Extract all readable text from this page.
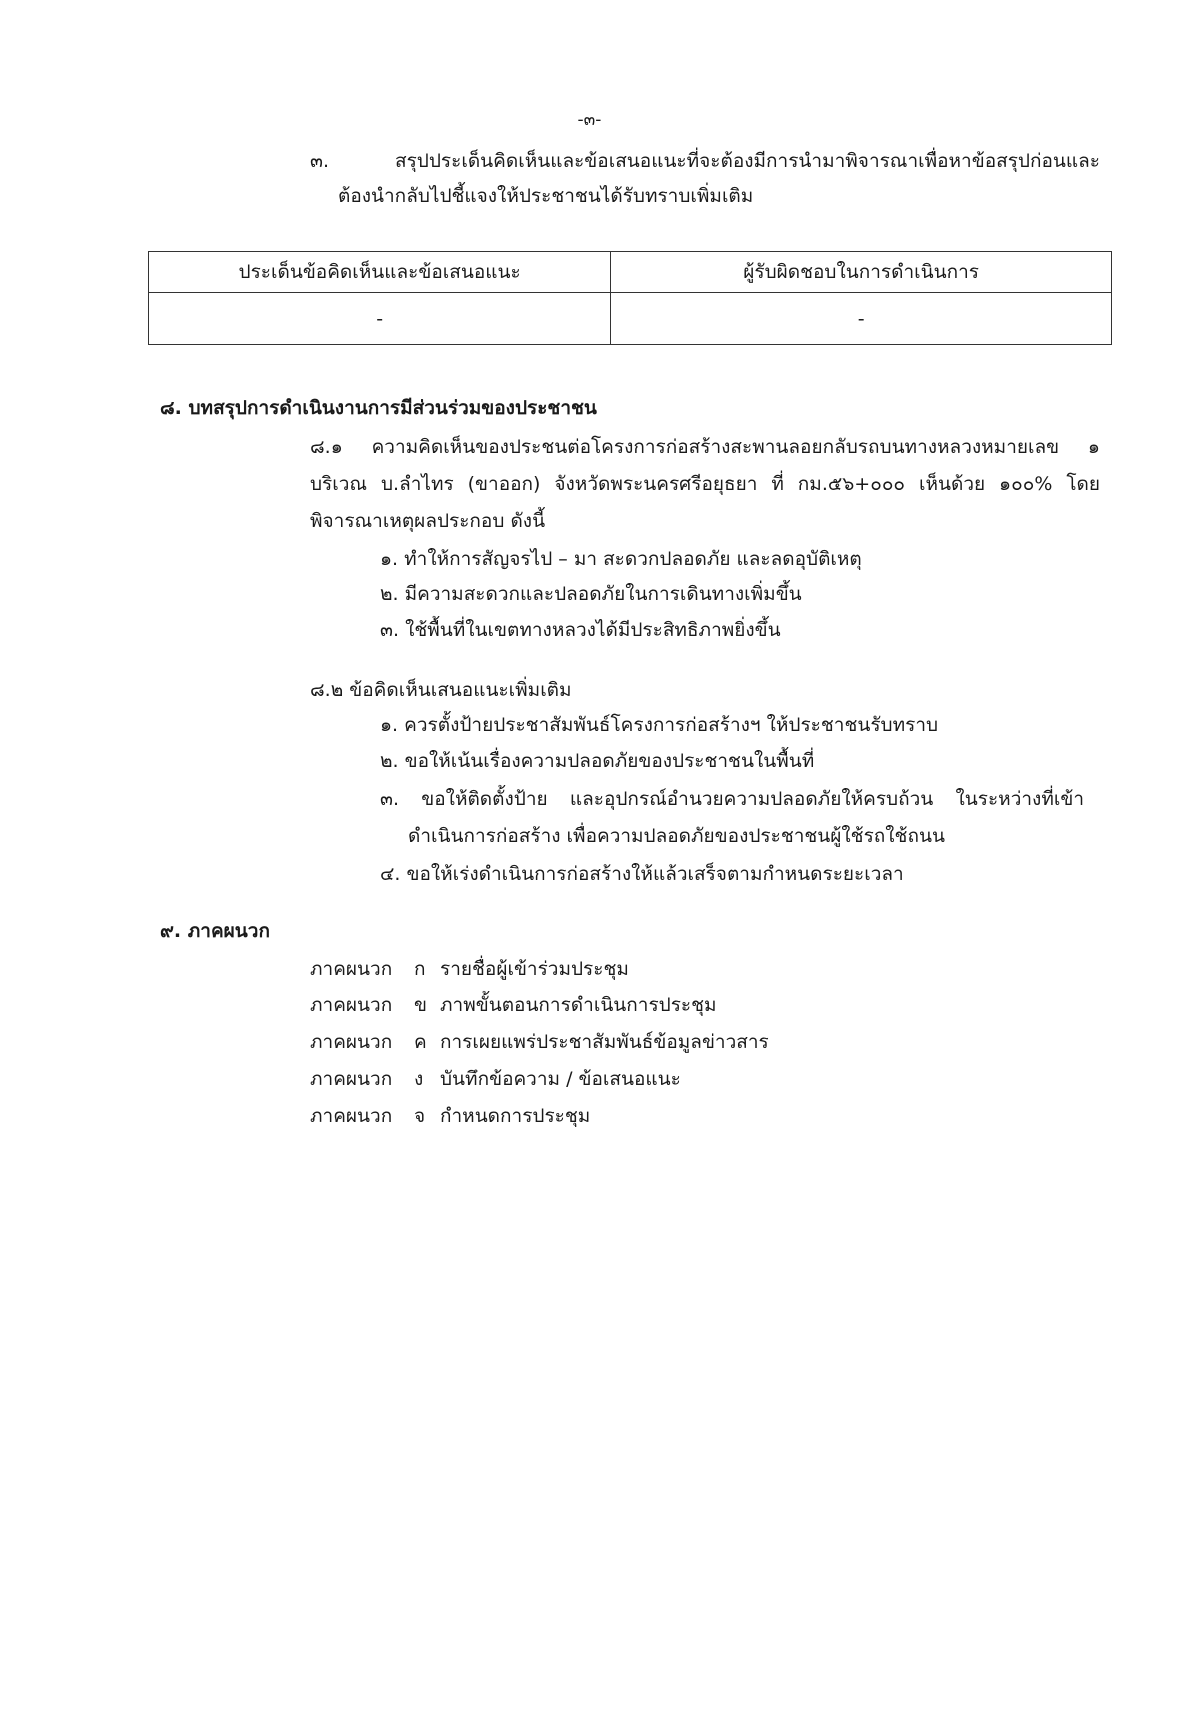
-๓-
๓. สรุปประเด็นคิดเห็นและข้อเสนอแนะที่จะต้องมีการนำมาพิจารณาเพื่อหาข้อสรุปก่อนและ
ต้องนำกลับไปชี้แจงให้ประชาชนได้รับทราบเพิ่มเติม
ประเด็นข้อคิดเห็นและข้อเสนอแนะ	ผู้รับผิดชอบในการดำเนินการ
-	-
๘. บทสรุปการดำเนินงานการมีส่วนร่วมของประชาชน
๘.๑ ความคิดเห็นของประชนต่อโครงการก่อสร้างสะพานลอยกลับรถบนทางหลวงหมายเลข ๑
บริเวณ บ.ลำไทร (ขาออก) จังหวัดพระนครศรีอยุธยา ที่ กม.๕๖+๐๐๐ เห็นด้วย ๑๐๐% โดย
พิจารณาเหตุผลประกอบ ดังนี้
๑. ทำให้การสัญจรไป – มา สะดวกปลอดภัย และลดอุบัติเหตุ
๒. มีความสะดวกและปลอดภัยในการเดินทางเพิ่มขึ้น
๓. ใช้พื้นที่ในเขตทางหลวงได้มีประสิทธิภาพยิ่งขึ้น
๘.๒ ข้อคิดเห็นเสนอแนะเพิ่มเติม
๑. ควรตั้งป้ายประชาสัมพันธ์โครงการก่อสร้างฯ ให้ประชาชนรับทราบ
๒. ขอให้เน้นเรื่องความปลอดภัยของประชาชนในพื้นที่
๓. ขอให้ติดตั้งป้าย และอุปกรณ์อำนวยความปลอดภัยให้ครบถ้วน ในระหว่างที่เข้า
ดำเนินการก่อสร้าง เพื่อความปลอดภัยของประชาชนผู้ใช้รถใช้ถนน
๔. ขอให้เร่งดำเนินการก่อสร้างให้แล้วเสร็จตามกำหนดระยะเวลา
๙. ภาคผนวก
ภาคผนวก ก รายชื่อผู้เข้าร่วมประชุม
ภาคผนวก ข ภาพขั้นตอนการดำเนินการประชุม
ภาคผนวก ค การเผยแพร่ประชาสัมพันธ์ข้อมูลข่าวสาร
ภาคผนวก ง บันทึกข้อความ / ข้อเสนอแนะ
ภาคผนวก จ กำหนดการประชุม
